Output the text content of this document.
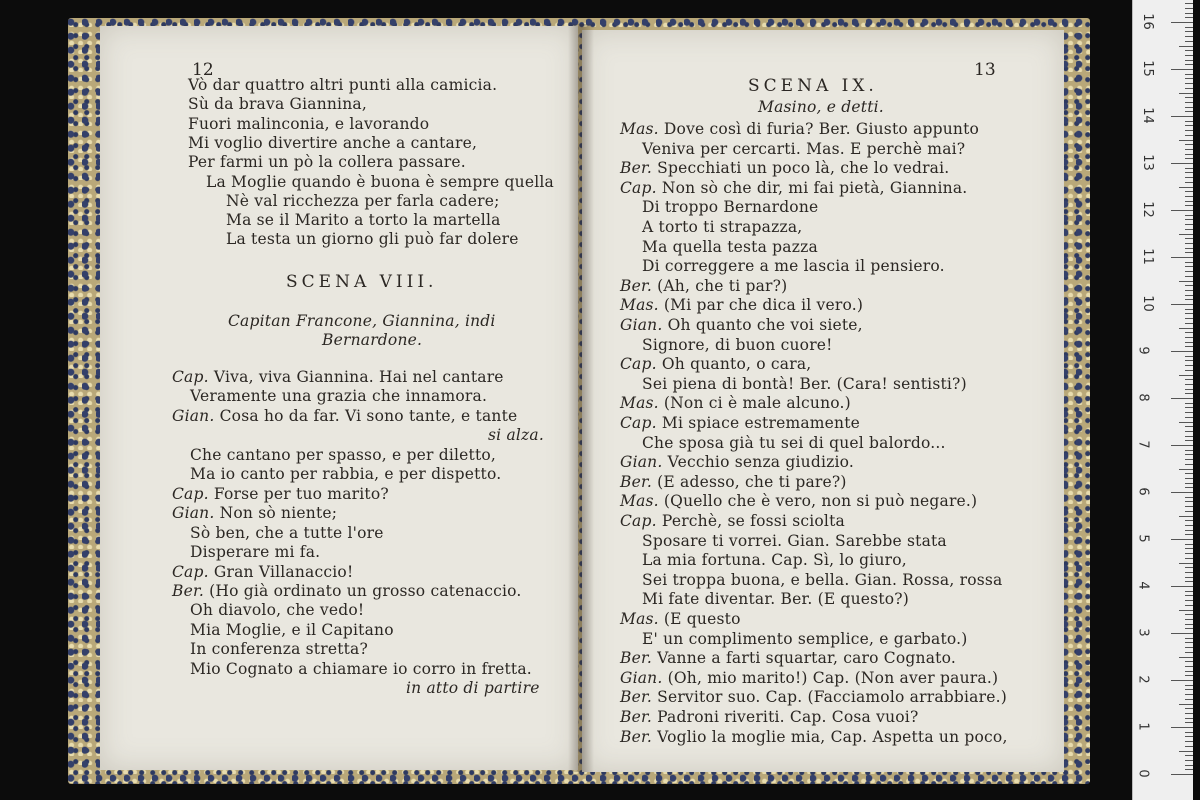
12
Vò dar quattro altri punti alla camicia.
Sù da brava Giannina,
Fuori malinconia, e lavorando
Mi voglio divertire anche a cantare,
Per farmi un pò la collera passare.
La Moglie quando è buona è sempre quella
Nè val ricchezza per farla cadere;
Ma se il Marito a torto la martella
La testa un giorno gli può far dolere
SCENA VIII.
Capitan Francone, Giannina, indi
Bernardone.
Cap. Viva, viva Giannina. Hai nel cantare
Veramente una grazia che innamora.
Gian. Cosa ho da far. Vi sono tante, e tante
si alza.
Che cantano per spasso, e per diletto,
Ma io canto per rabbia, e per dispetto.
Cap. Forse per tuo marito?
Gian. Non sò niente;
Sò ben, che a tutte l'ore
Disperare mi fa.
Cap. Gran Villanaccio!
Ber. (Ho già ordinato un grosso catenaccio.
Oh diavolo, che vedo!
Mia Moglie, e il Capitano
In conferenza stretta?
Mio Cognato a chiamare io corro in fretta.
in atto di partire
13
SCENA IX.
Masino, e detti.
Mas. Dove così di furia? Ber. Giusto appunto
Veniva per cercarti. Mas. E perchè mai?
Ber. Specchiati un poco là, che lo vedrai.
Cap. Non sò che dir, mi fai pietà, Giannina.
Di troppo Bernardone
A torto ti strapazza,
Ma quella testa pazza
Di correggere a me lascia il pensiero.
Ber. (Ah, che ti par?)
Mas. (Mi par che dica il vero.)
Gian. Oh quanto che voi siete,
Signore, di buon cuore!
Cap. Oh quanto, o cara,
Sei piena di bontà! Ber. (Cara! sentisti?)
Mas. (Non ci è male alcuno.)
Cap. Mi spiace estremamente
Che sposa già tu sei di quel balordo...
Gian. Vecchio senza giudizio.
Ber. (E adesso, che ti pare?)
Mas. (Quello che è vero, non si può negare.)
Cap. Perchè, se fossi sciolta
Sposare ti vorrei. Gian. Sarebbe stata
La mia fortuna. Cap. Sì, lo giuro,
Sei troppa buona, e bella. Gian. Rossa, rossa
Mi fate diventar. Ber. (E questo?)
Mas. (E questo
E' un complimento semplice, e garbato.)
Ber. Vanne a farti squartar, caro Cognato.
Gian. (Oh, mio marito!) Cap. (Non aver paura.)
Ber. Servitor suo. Cap. (Facciamolo arrabbiare.)
Ber. Padroni riveriti. Cap. Cosa vuoi?
Ber. Voglio la moglie mia, Cap. Aspetta un poco,
0
1
2
3
4
5
6
7
8
9
10
11
12
13
14
15
16
